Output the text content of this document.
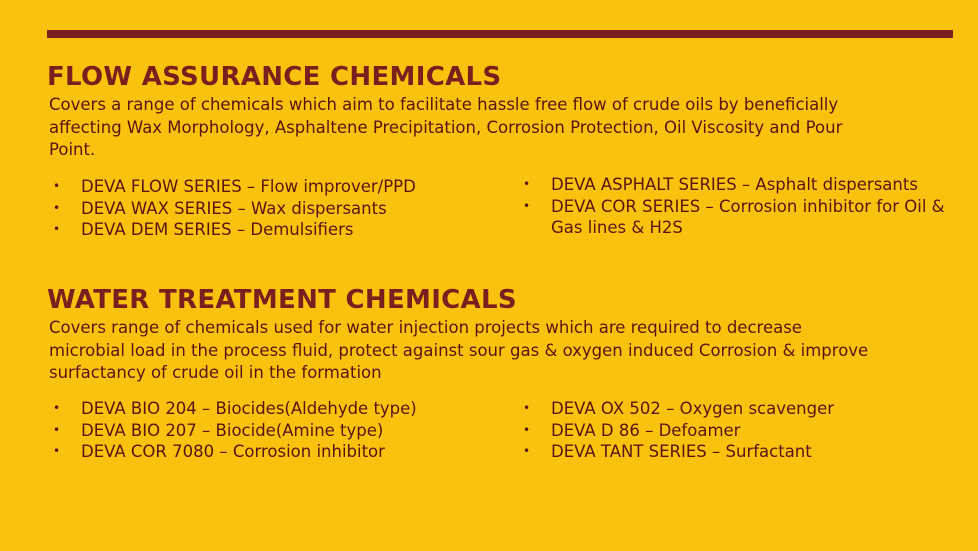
FLOW ASSURANCE CHEMICALS

Covers a range of chemicals which aim to facilitate hassle free flow of crude oils by beneficially affecting Wax Morphology, Asphaltene Precipitation, Corrosion Protection, Oil Viscosity and Pour Point.

• DEVA FLOW SERIES – Flow improver/PPD
• DEVA WAX SERIES – Wax dispersants
• DEVA DEM SERIES – Demulsifiers
• DEVA ASPHALT SERIES – Asphalt dispersants
• DEVA COR SERIES – Corrosion inhibitor for Oil & Gas lines & H2S
WATER TREATMENT CHEMICALS

Covers range of chemicals used for water injection projects which are required to decrease microbial load in the process fluid, protect against sour gas & oxygen induced Corrosion & improve surfactancy of crude oil in the formation

• DEVA BIO 204 – Biocides(Aldehyde type)
• DEVA BIO 207 – Biocide(Amine type)
• DEVA COR 7080 – Corrosion inhibitor
• DEVA OX 502 – Oxygen scavenger
• DEVA D 86 – Defoamer
• DEVA TANT SERIES – Surfactant
